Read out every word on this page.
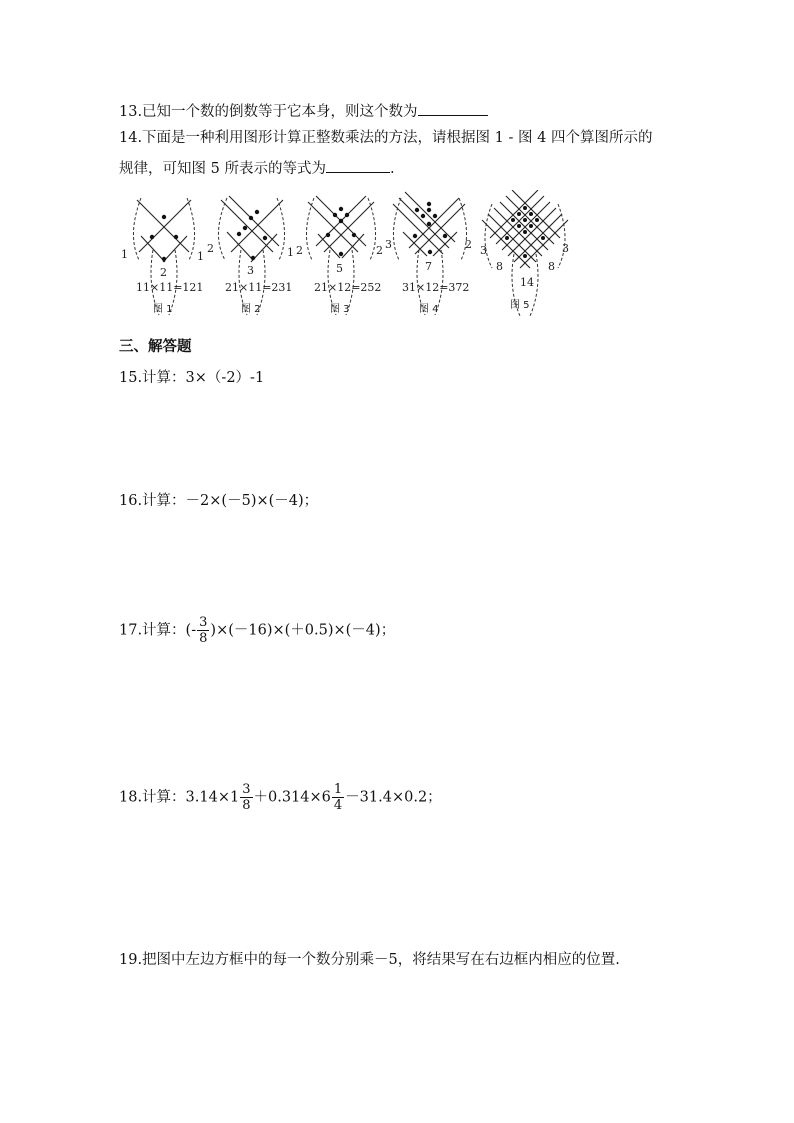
13.已知一个数的倒数等于它本身，则这个数为
14.下面是一种利用图形计算正整数乘法的方法，请根据图 1 - 图 4 四个算图所示的
规律，可知图 5 所表示的等式为	.
1	1
2
11×11=121
图 1
2	1
3
21×11=231
图 2
2	2
5
21×12=252
图 3
3	2
7
31×12=372
图 4
3	3
8	8
14
图 5
三、解答题
15.计算：3×（-2）-1
16.计算：－2×(－5)×(－4)；
17.计算：(- $\frac{3}{8} )\times(-16)\times(+0.5)\times(-4)$；
18.计算：$3.14\times 1 \frac{3}{8} +0.314\times 6 \frac{1}{4} -31.4\times 0.2$；
19.把图中左边方框中的每一个数分别乘－5，将结果写在右边框内相应的位置.
